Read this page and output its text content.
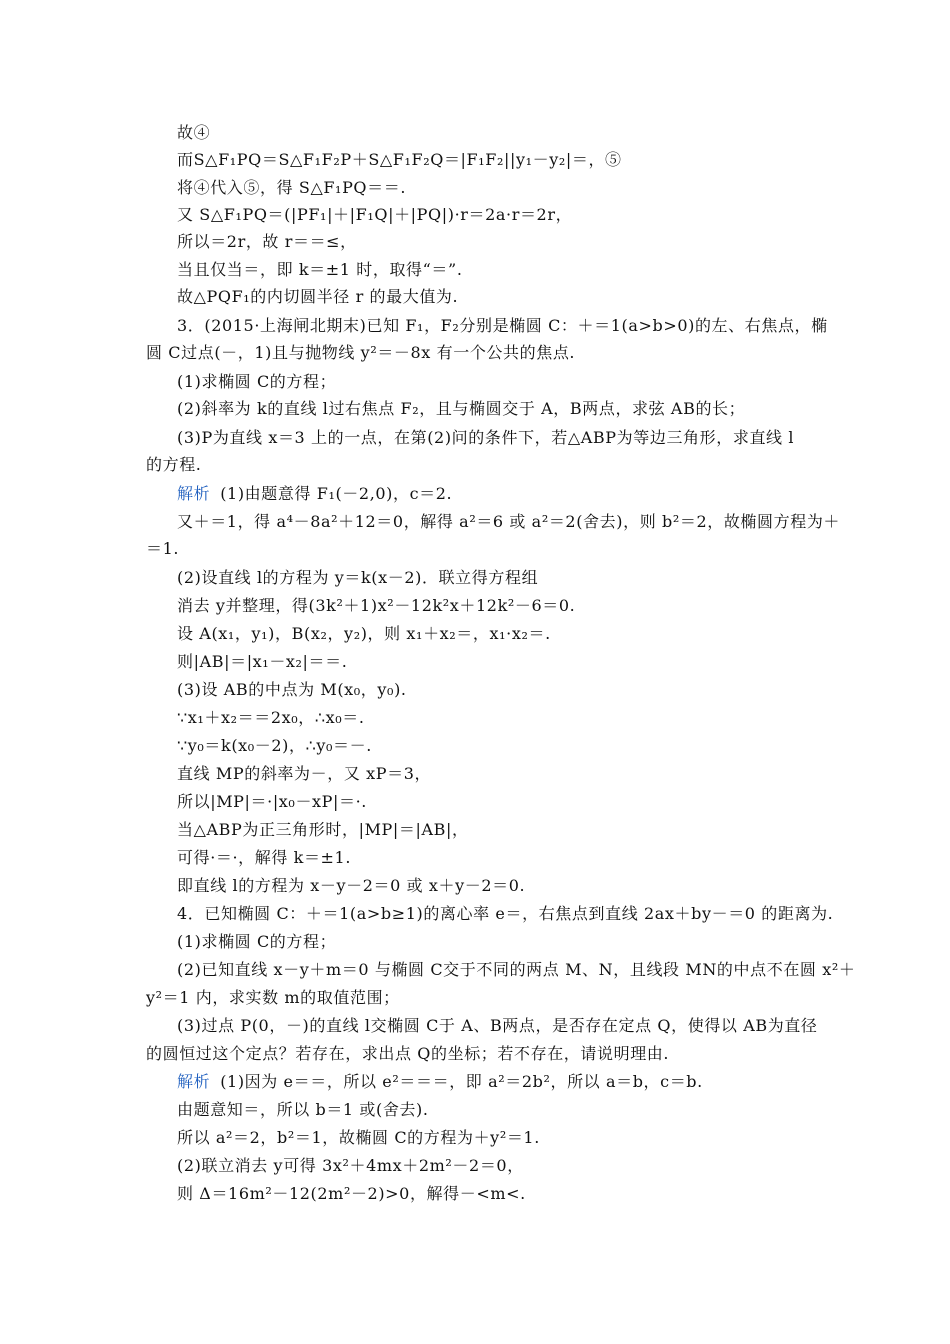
故④
而S△F₁PQ＝S△F₁F₂P＋S△F₁F₂Q＝|F₁F₂||y₁－y₂|＝，⑤
将④代入⑤，得 S△F₁PQ＝＝.
又 S△F₁PQ＝(|PF₁|＋|F₁Q|＋|PQ|)·r＝2a·r＝2r，
所以＝2r，故 r＝＝≤，
当且仅当＝，即 k＝±1 时，取得“＝”.
故△PQF₁的内切圆半径 r 的最大值为.
3．(2015·上海闸北期末)已知 F₁，F₂分别是椭圆 C：＋＝1(a>b>0)的左、右焦点，椭
圆 C过点(－，1)且与抛物线 y²＝－8x 有一个公共的焦点.
(1)求椭圆 C的方程；
(2)斜率为 k的直线 l过右焦点 F₂，且与椭圆交于 A，B两点，求弦 AB的长；
(3)P为直线 x＝3 上的一点，在第(2)问的条件下，若△ABP为等边三角形，求直线 l
的方程.
解析 (1)由题意得 F₁(－2,0)，c＝2.
又＋＝1，得 a⁴－8a²＋12＝0，解得 a²＝6 或 a²＝2(舍去)，则 b²＝2，故椭圆方程为＋
＝1.
(2)设直线 l的方程为 y＝k(x－2)．联立得方程组
消去 y并整理，得(3k²＋1)x²－12k²x＋12k²－6＝0.
设 A(x₁，y₁)，B(x₂，y₂)，则 x₁＋x₂＝，x₁·x₂＝.
则|AB|＝|x₁－x₂|＝＝.
(3)设 AB的中点为 M(x₀，y₀).
∵x₁＋x₂＝＝2x₀，∴x₀＝.
∵y₀＝k(x₀－2)，∴y₀＝－.
直线 MP的斜率为－，又 xP＝3，
所以|MP|＝·|x₀－xP|＝·.
当△ABP为正三角形时，|MP|＝|AB|，
可得·＝·，解得 k＝±1.
即直线 l的方程为 x－y－2＝0 或 x＋y－2＝0.
4．已知椭圆 C：＋＝1(a>b≥1)的离心率 e＝，右焦点到直线 2ax＋by－＝0 的距离为.
(1)求椭圆 C的方程；
(2)已知直线 x－y＋m＝0 与椭圆 C交于不同的两点 M、N，且线段 MN的中点不在圆 x²＋
y²＝1 内，求实数 m的取值范围；
(3)过点 P(0，－)的直线 l交椭圆 C于 A、B两点，是否存在定点 Q，使得以 AB为直径
的圆恒过这个定点？若存在，求出点 Q的坐标；若不存在，请说明理由.
解析 (1)因为 e＝＝，所以 e²＝＝＝，即 a²＝2b²，所以 a＝b，c＝b.
由题意知＝，所以 b＝1 或(舍去).
所以 a²＝2，b²＝1，故椭圆 C的方程为＋y²＝1.
(2)联立消去 y可得 3x²＋4mx＋2m²－2＝0，
则 Δ＝16m²－12(2m²－2)>0，解得－<m<.
